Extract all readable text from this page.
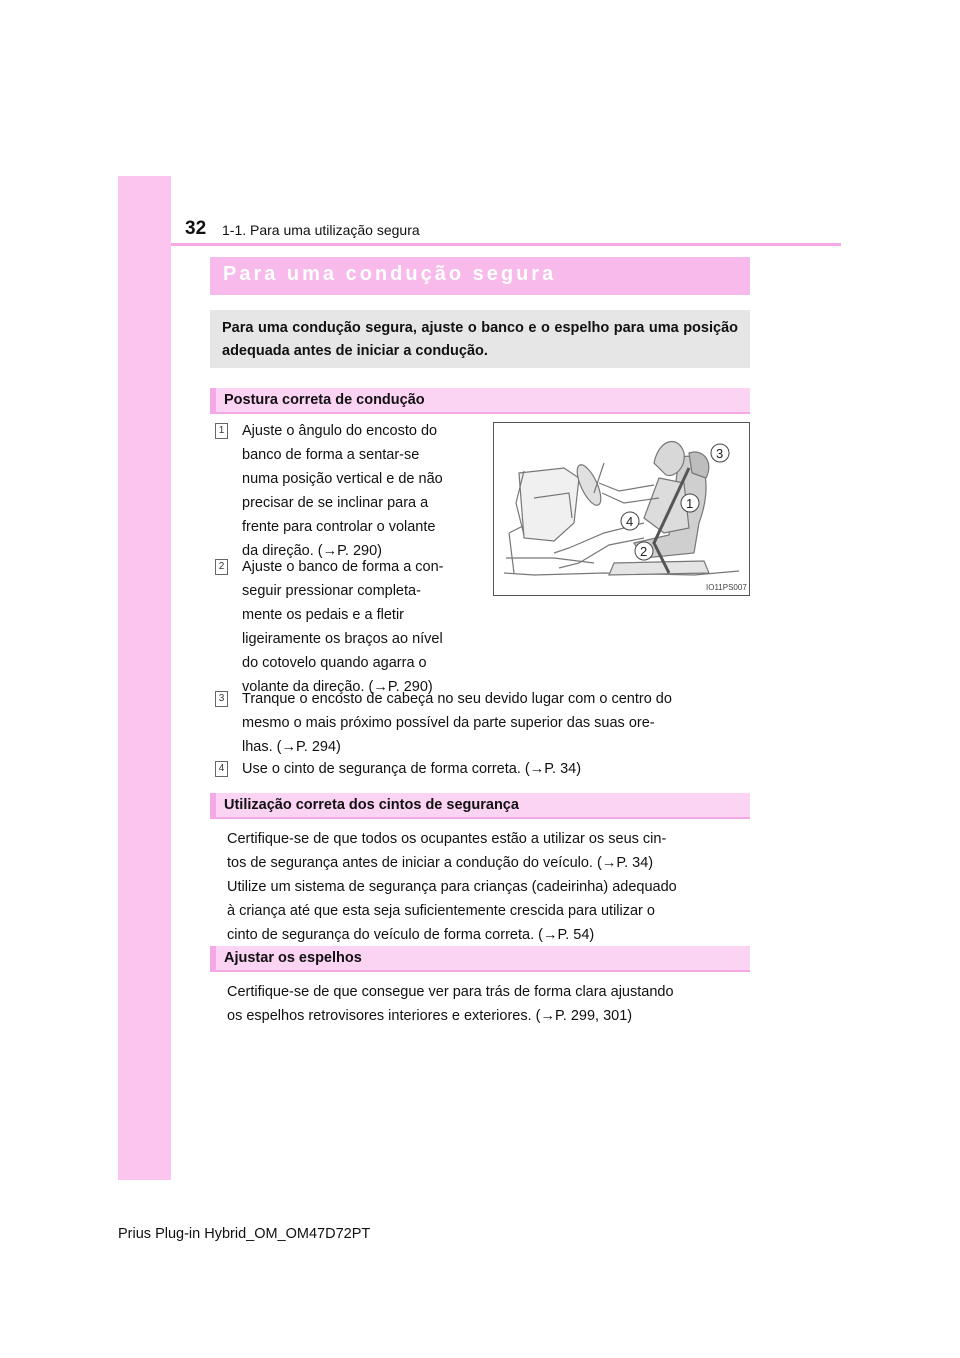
32 1-1. Para uma utilização segura
Para uma condução segura

Para uma condução segura, ajuste o banco e o espelho para uma posição adequada antes de iniciar a condução.

Postura correta de condução
1 Ajuste o ângulo do encosto do
banco de forma a sentar-se
numa posição vertical e de não
precisar de se inclinar para a
frente para controlar o volante
da direção. (→P. 290)
2 Ajuste o banco de forma a con-
seguir pressionar completa-
mente os pedais e a fletir
ligeiramente os braços ao nível
do cotovelo quando agarra o
volante da direção. (→P. 290)
3
1
4
2
IO11PS007
3 Tranque o encosto de cabeça no seu devido lugar com o centro do
mesmo o mais próximo possível da parte superior das suas ore-
lhas. (→P. 294)
4 Use o cinto de segurança de forma correta. (→P. 34)
Utilização correta dos cintos de segurança
Certifique-se de que todos os ocupantes estão a utilizar os seus cin-
tos de segurança antes de iniciar a condução do veículo. (→P. 34)
Utilize um sistema de segurança para crianças (cadeirinha) adequado
à criança até que esta seja suficientemente crescida para utilizar o
cinto de segurança do veículo de forma correta. (→P. 54)
Ajustar os espelhos
Certifique-se de que consegue ver para trás de forma clara ajustando
os espelhos retrovisores interiores e exteriores. (→P. 299, 301)
Prius Plug-in Hybrid_OM_OM47D72PT
